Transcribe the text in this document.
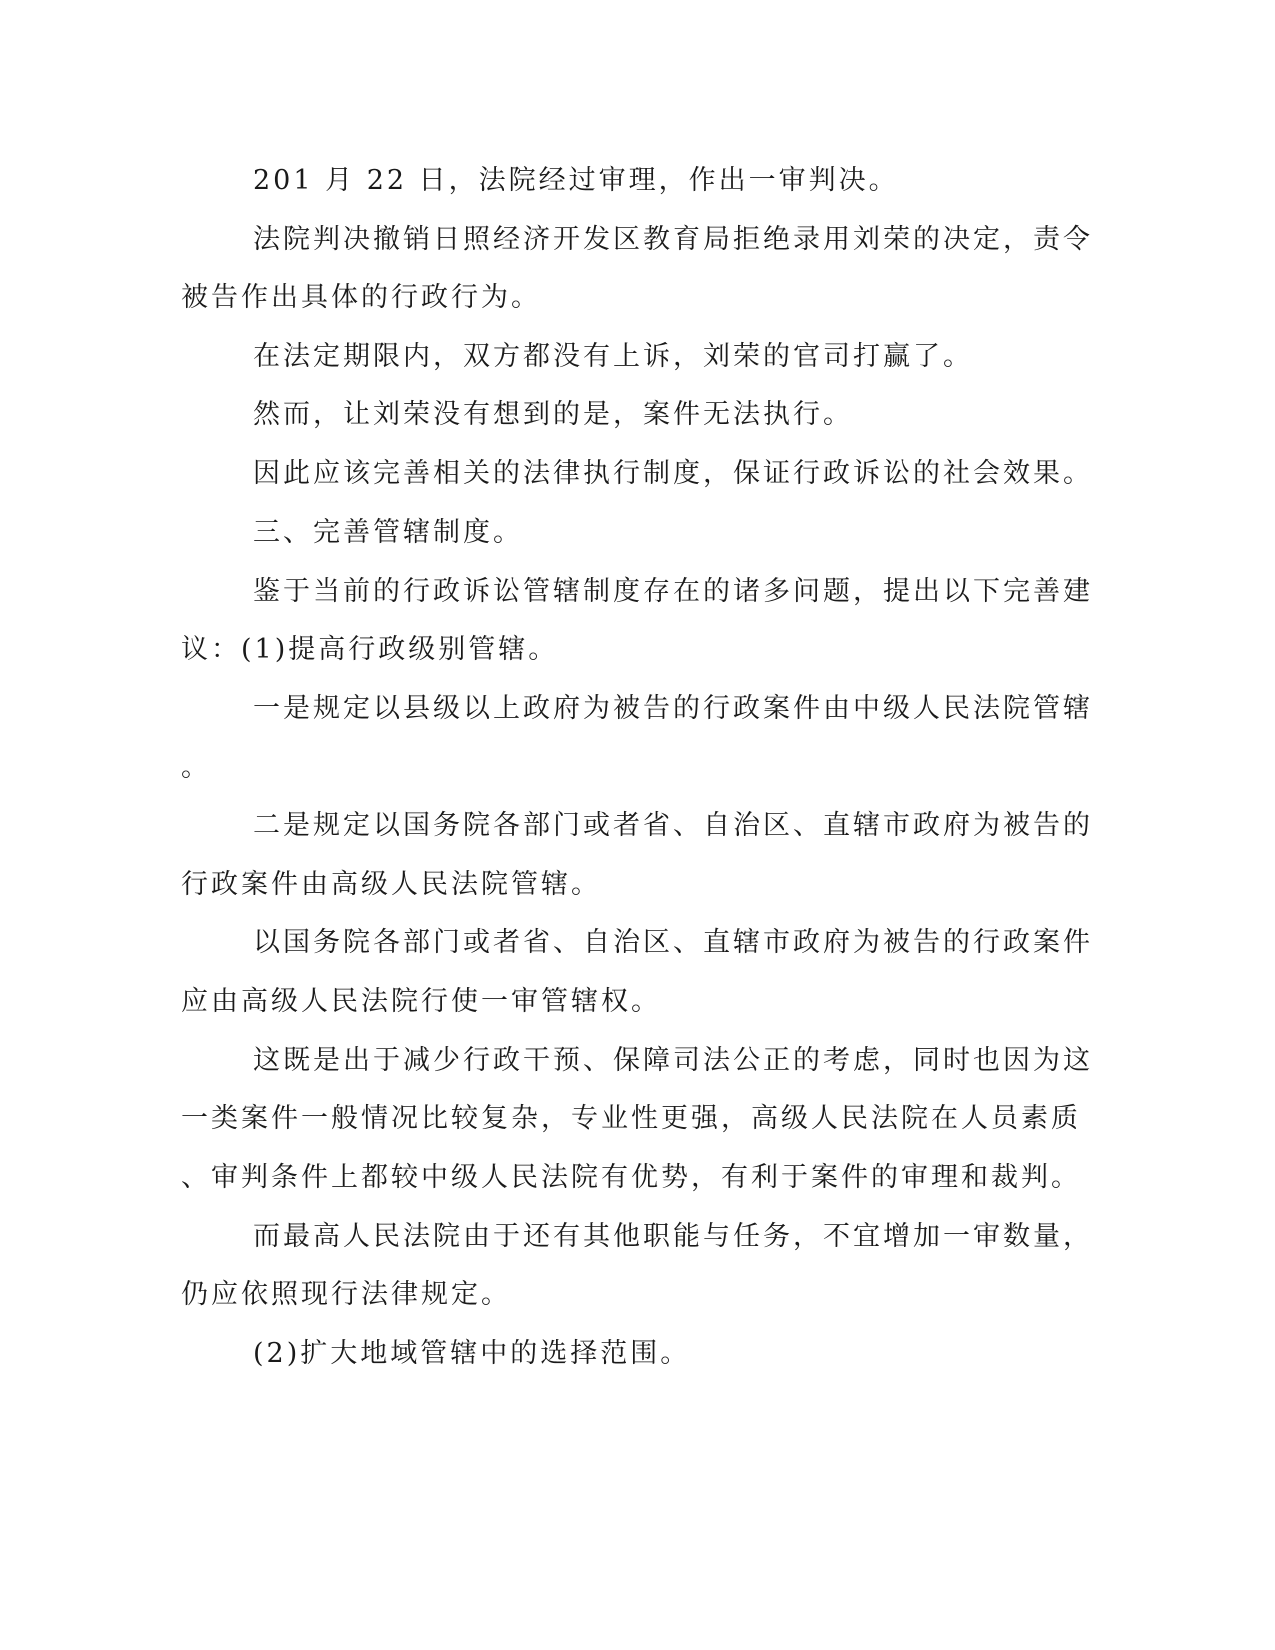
201 月 22 日，法院经过审理，作出一审判决。

法院判决撤销日照经济开发区教育局拒绝录用刘荣的决定，责令

被告作出具体的行政行为。

在法定期限内，双方都没有上诉，刘荣的官司打赢了。

然而，让刘荣没有想到的是，案件无法执行。

因此应该完善相关的法律执行制度，保证行政诉讼的社会效果。

三、完善管辖制度。

鉴于当前的行政诉讼管辖制度存在的诸多问题，提出以下完善建

议：(1)提高行政级别管辖。

一是规定以县级以上政府为被告的行政案件由中级人民法院管辖

。

二是规定以国务院各部门或者省、自治区、直辖市政府为被告的

行政案件由高级人民法院管辖。

以国务院各部门或者省、自治区、直辖市政府为被告的行政案件

应由高级人民法院行使一审管辖权。

这既是出于减少行政干预、保障司法公正的考虑，同时也因为这

一类案件一般情况比较复杂，专业性更强，高级人民法院在人员素质

、审判条件上都较中级人民法院有优势，有利于案件的审理和裁判。

而最高人民法院由于还有其他职能与任务，不宜增加一审数量，

仍应依照现行法律规定。

(2)扩大地域管辖中的选择范围。
